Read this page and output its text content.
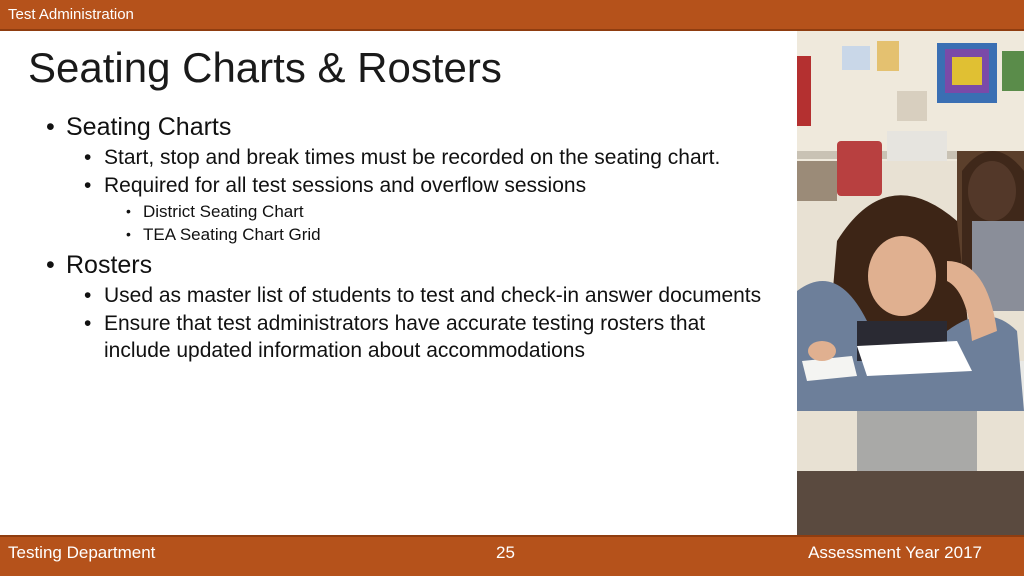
Test Administration
Seating Charts & Rosters
• Seating Charts
• Start, stop and break times must be recorded on the seating chart.
• Required for all test sessions and overflow sessions
• District Seating Chart
• TEA Seating Chart Grid
• Rosters
• Used as master list of students to test and check-in answer documents
• Ensure that test administrators have accurate testing rosters that include updated information about accommodations
Testing Department	25	Assessment Year 2017
